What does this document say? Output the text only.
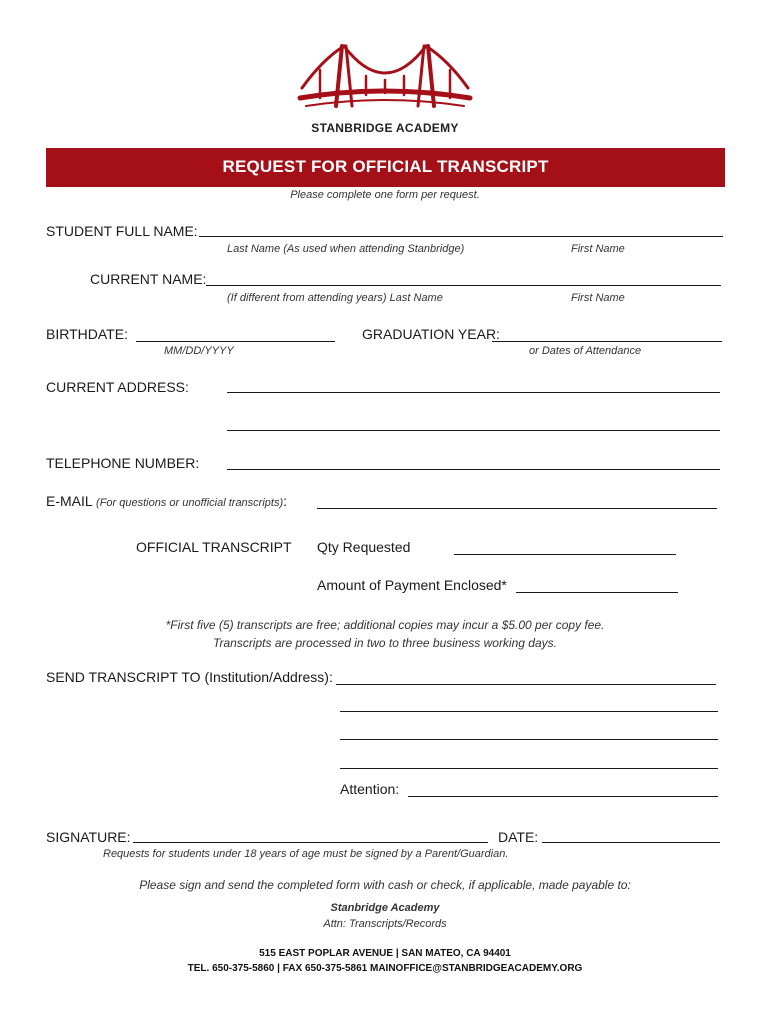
STANBRIDGE ACADEMY
REQUEST FOR OFFICIAL TRANSCRIPT
Please complete one form per request.
STUDENT FULL NAME:
Last Name (As used when attending Stanbridge)	First Name
CURRENT NAME:
(If different from attending years) Last Name	First Name
BIRTHDATE:
MM/DD/YYYY
GRADUATION YEAR:
or Dates of Attendance
CURRENT ADDRESS:
TELEPHONE NUMBER:
E-MAIL (For questions or unofficial transcripts):
OFFICIAL TRANSCRIPT Qty Requested
Amount of Payment Enclosed*
*First five (5) transcripts are free; additional copies may incur a $5.00 per copy fee.
Transcripts are processed in two to three business working days.
SEND TRANSCRIPT TO (Institution/Address):
Attention:
SIGNATURE:	DATE:
Requests for students under 18 years of age must be signed by a Parent/Guardian.
Please sign and send the completed form with cash or check, if applicable, made payable to:
Stanbridge Academy
Attn: Transcripts/Records
515 EAST POPLAR AVENUE | SAN MATEO, CA 94401
TEL. 650-375-5860 | FAX 650-375-5861 MAINOFFICE@STANBRIDGEACADEMY.ORG
